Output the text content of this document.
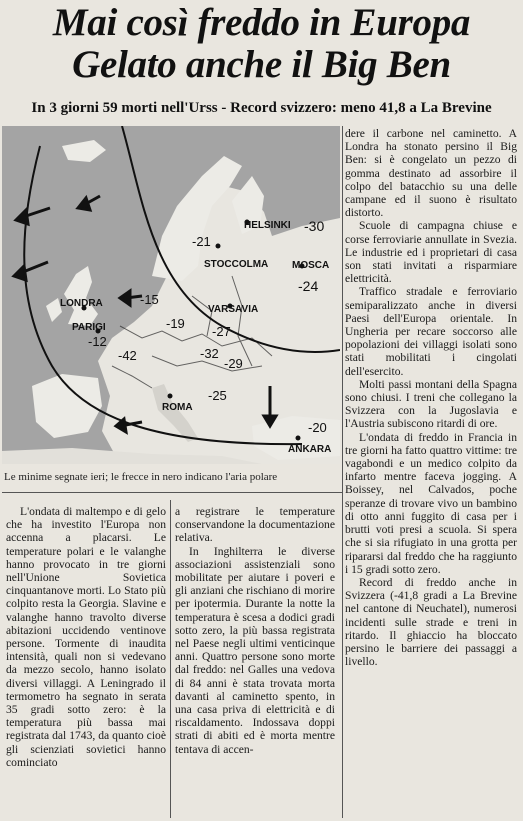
Mai così freddo in Europa
Gelato anche il Big Ben
In 3 giorni 59 morti nell'Urss - Record svizzero: meno 41,8 a La Brevine
HELSINKI -30
-21
STOCCOLMA MOSCA
-24
LONDRA	-15
VARSAVIA
-19
-27
PARIGI
-12
-42	-32
-29
-25
ROMA
-20
ANKARA
Le minime segnate ieri; le frecce in nero indicano l'aria polare

dere il carbone nel caminetto. A Londra ha stonato persino il Big Ben: si è congelato un pezzo di gomma destinato ad assorbire il colpo del batacchio su una delle campane ed il suono è risultato distorto.

Scuole di campagna chiuse e corse ferroviarie annullate in Svezia. Le industrie ed i proprietari di casa son stati invitati a risparmiare elettricità.

Traffico stradale e ferroviario semiparalizzato anche in diversi Paesi dell'Europa orientale. In Ungheria per recare soccorso alle popolazioni dei villaggi isolati sono stati mobilitati i cingolati dell'esercito.

Molti passi montani della Spagna sono chiusi. I treni che collegano la Svizzera con la Jugoslavia e l'Austria subiscono ritardi di ore.

L'ondata di freddo in Francia in tre giorni ha fatto quattro vittime: tre vagabondi e un medico colpito da infarto mentre faceva jogging. A Boissey, nel Calvados, poche speranze di trovare vivo un bambino di otto anni fuggito di casa per i brutti voti presi a scuola. Si spera che si sia rifugiato in una grotta per ripararsi dal freddo che ha raggiunto i 15 gradi sotto zero.

Record di freddo anche in Svizzera (-41,8 gradi a La Brevine nel cantone di Neuchatel), numerosi incidenti sulle strade e treni in ritardo. Il ghiaccio ha bloccato persino le barriere dei passaggi a livello.

L'ondata di maltempo e di gelo che ha investito l'Europa non accenna a placarsi. Le temperature polari e le valanghe hanno provocato in tre giorni nell'Unione Sovietica cinquantanove morti. Lo Stato più colpito resta la Georgia. Slavine e valanghe hanno travolto diverse abitazioni uccidendo ventinove persone. Tormente di inaudita intensità, quali non si vedevano da mezzo secolo, hanno isolato diversi villaggi. A Leningrado il termometro ha segnato in serata 35 gradi sotto zero: è la temperatura più bassa mai registrata dal 1743, da quanto cioè gli scienziati sovietici hanno cominciato

a registrare le temperature conservandone la documentazione relativa.

In Inghilterra le diverse associazioni assistenziali sono mobilitate per aiutare i poveri e gli anziani che rischiano di morire per ipotermia. Durante la notte la temperatura è scesa a dodici gradi sotto zero, la più bassa registrata nel Paese negli ultimi venticinque anni. Quattro persone sono morte dal freddo: nel Galles una vedova di 84 anni è stata trovata morta davanti al caminetto spento, in una casa priva di elettricità e di riscaldamento. Indossava doppi strati di abiti ed è morta mentre tentava di accen-
